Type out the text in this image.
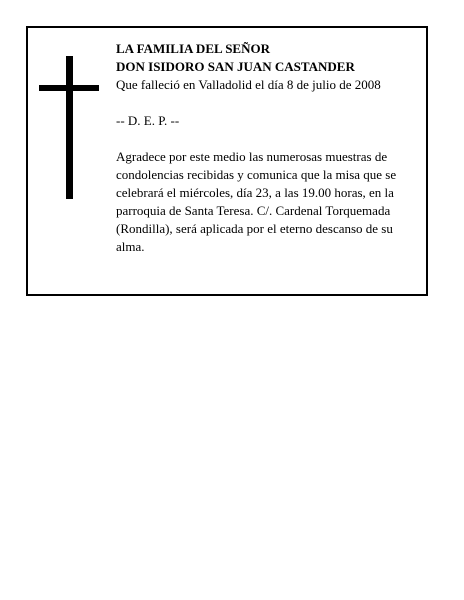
LA FAMILIA DEL SEÑOR
DON ISIDORO SAN JUAN CASTANDER
Que falleció en Valladolid el día 8 de julio de 2008
-- D. E. P. --
Agradece por este medio las numerosas muestras de condolencias recibidas y comunica que la misa que se celebrará el miércoles, día 23, a las 19.00 horas, en la parroquia de Santa Teresa. C/. Cardenal Torquemada (Rondilla), será aplicada por el eterno descanso de su alma.
